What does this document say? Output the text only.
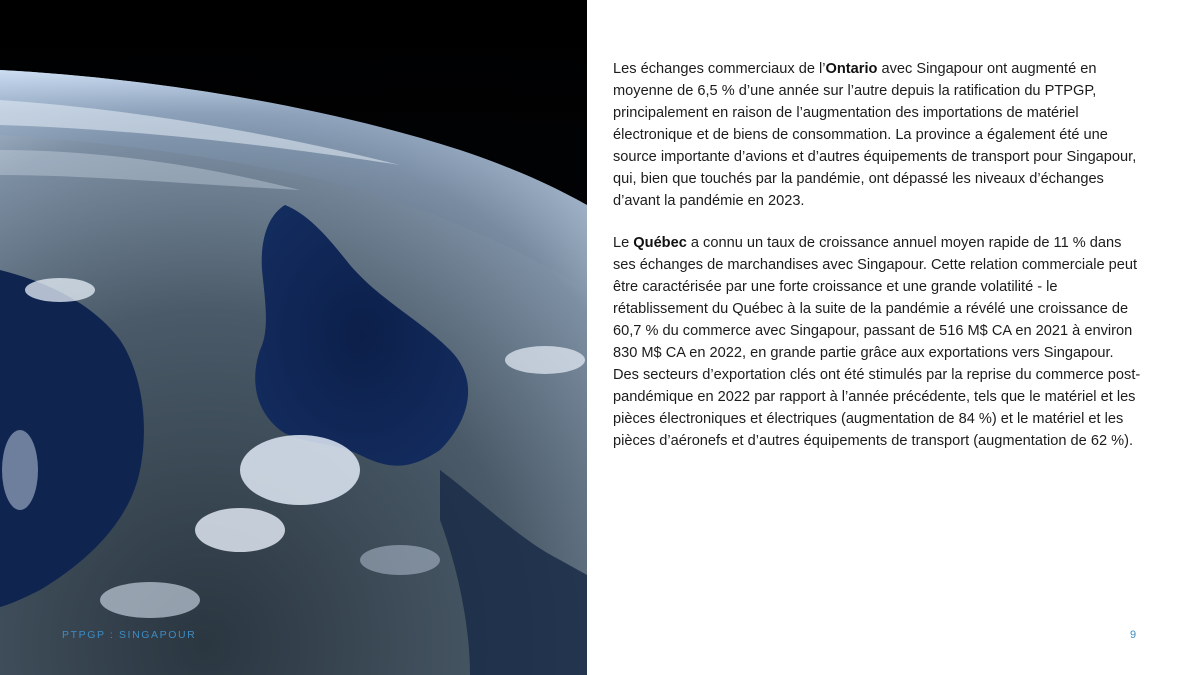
Les échanges commerciaux de l’Ontario avec Singapour ont augmenté en moyenne de 6,5 % d’une année sur l’autre depuis la ratification du PTPGP, principalement en raison de l’augmentation des importations de matériel électronique et de biens de consommation. La province a également été une source importante d’avions et d’autres équipements de transport pour Singapour, qui, bien que touchés par la pandémie, ont dépassé les niveaux d’échanges d’avant la pandémie en 2023.

Le Québec a connu un taux de croissance annuel moyen rapide de 11 % dans ses échanges de marchandises avec Singapour. Cette relation commerciale peut être caractérisée par une forte croissance et une grande volatilité - le rétablissement du Québec à la suite de la pandémie a révélé une croissance de 60,7 % du commerce avec Singapour, passant de 516 M$ CA en 2021 à environ 830 M$ CA en 2022, en grande partie grâce aux exportations vers Singapour. Des secteurs d’exportation clés ont été stimulés par la reprise du commerce post-pandémique en 2022 par rapport à l’année précédente, tels que le matériel et les pièces électroniques et électriques (augmentation de 84 %) et le matériel et les pièces d’aéronefs et d’autres équipements de transport (augmentation de 62 %).

PTPGP : SINGAPOUR	9
